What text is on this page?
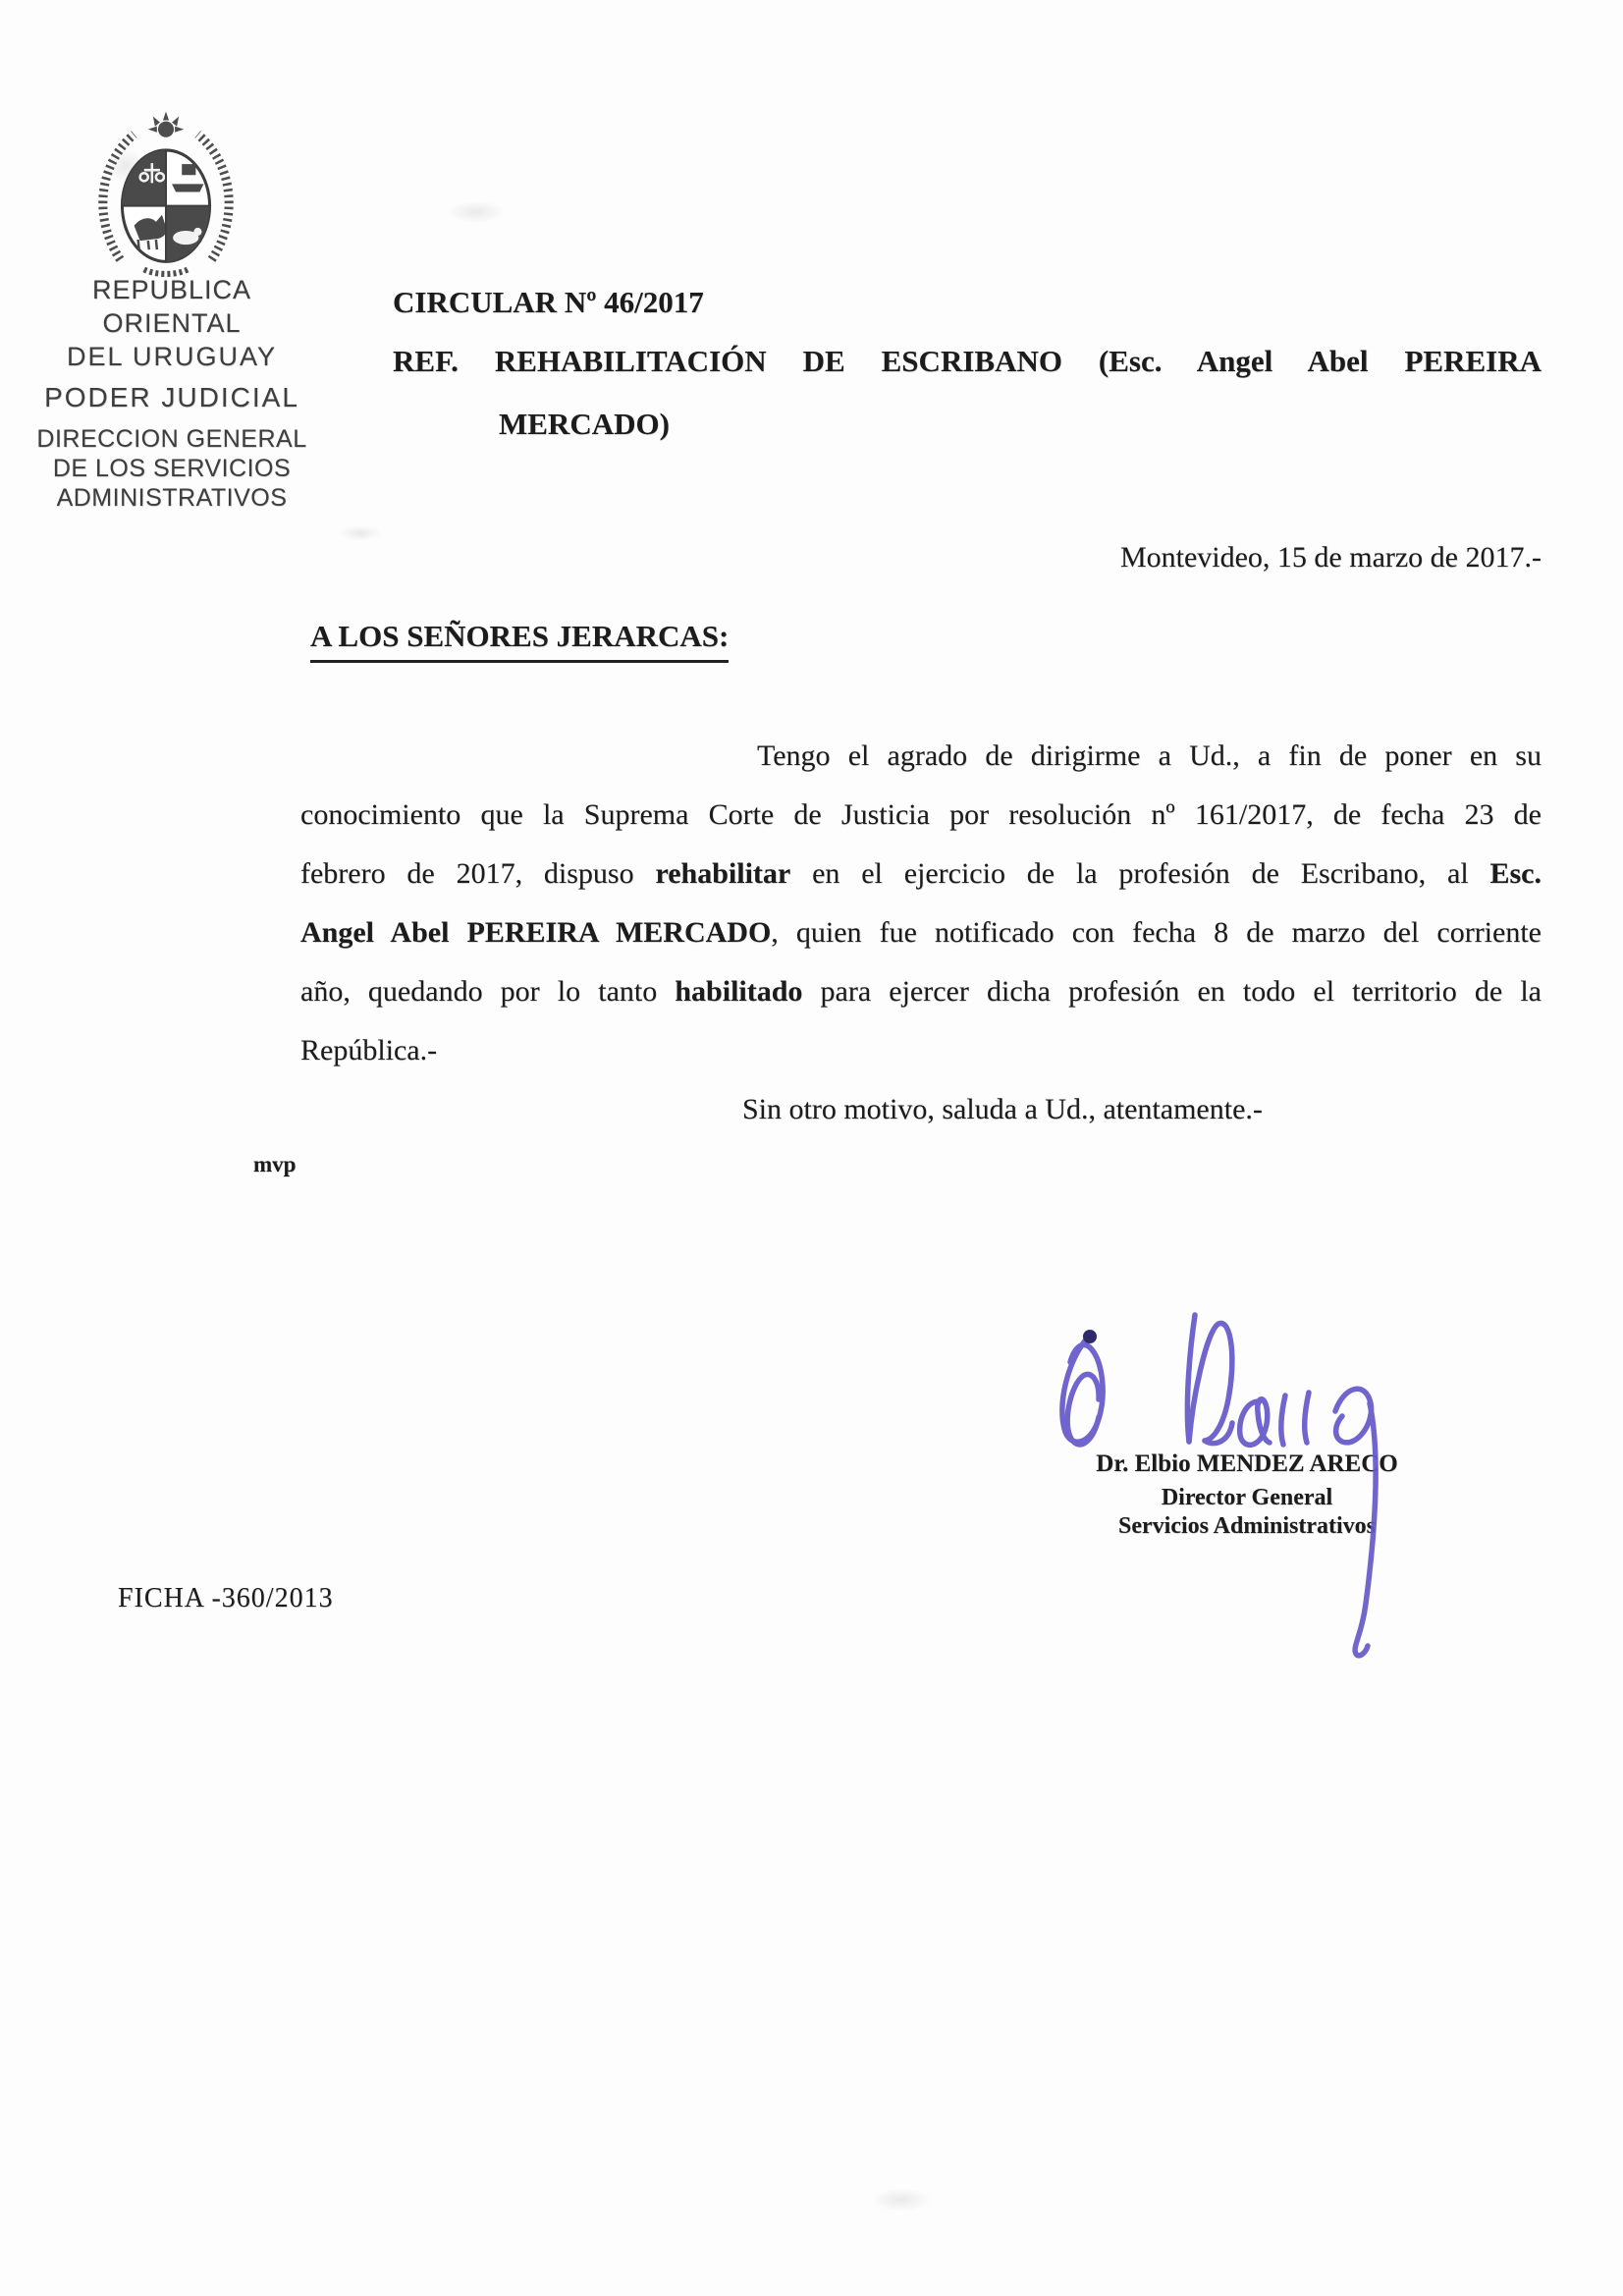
REPUBLICA ORIENTAL
DEL URUGUAY
PODER JUDICIAL
DIRECCION GENERAL
DE LOS SERVICIOS
ADMINISTRATIVOS
CIRCULAR Nº 46/2017
REF. REHABILITACIÓN DE ESCRIBANO (Esc. Angel Abel PEREIRA
MERCADO)
Montevideo, 15 de marzo de 2017.-
A LOS SEÑORES JERARCAS:
Tengo el agrado de dirigirme a Ud., a fin de poner en su conocimiento que la Suprema Corte de Justicia por resolución nº 161/2017, de fecha 23 de febrero de 2017, dispuso rehabilitar en el ejercicio de la profesión de Escribano, al Esc. Angel Abel PEREIRA MERCADO, quien fue notificado con fecha 8 de marzo del corriente año, quedando por lo tanto habilitado para ejercer dicha profesión en todo el territorio de la República.-
Sin otro motivo, saluda a Ud., atentamente.-
mvp
Dr. Elbio MENDEZ ARECO
Director General
Servicios Administrativos
FICHA -360/2013
